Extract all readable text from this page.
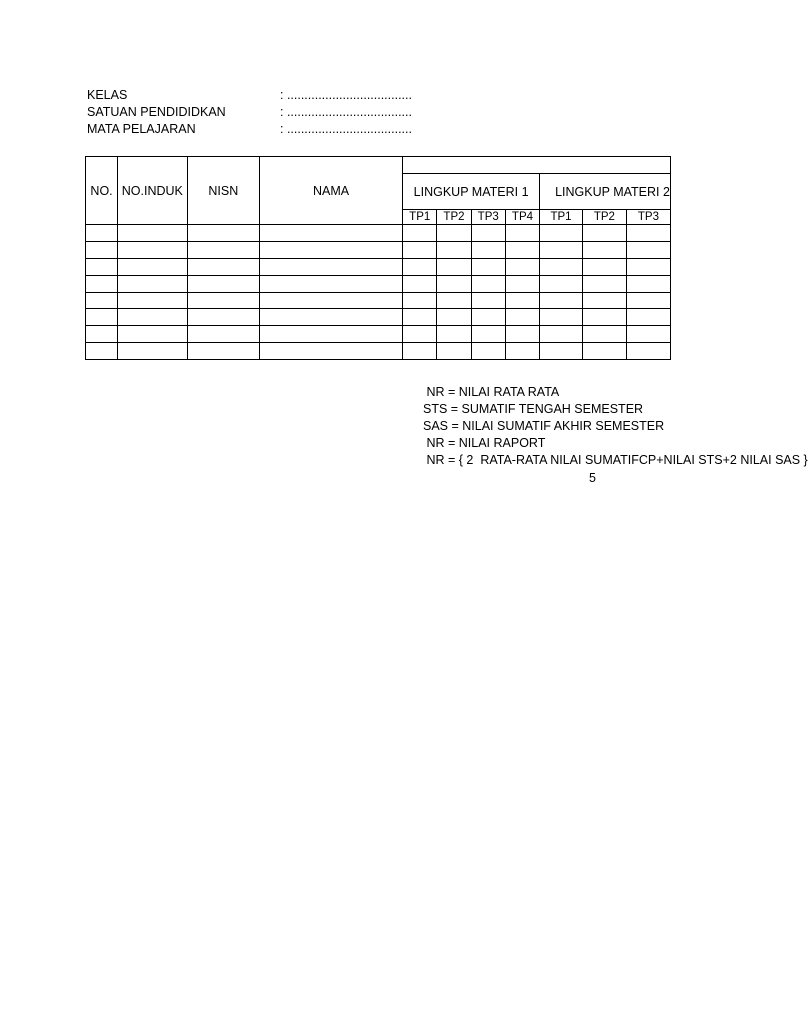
KELAS	: ....................................
SATUAN PENDIDIDKAN	: ....................................
MATA PELAJARAN	: ....................................
NO.	NO.INDUK	NISN	NAMA							
				LINGKUP MATERI 1				LINGKUP MATERI 2		
				TP1	TP2	TP3	TP4	TP1	TP2	TP3

NR = NILAI RATA RATA
STS = SUMATIF TENGAH SEMESTER
SAS = NILAI SUMATIF AKHIR SEMESTER
NR = NILAI RAPORT
NR = { 2  RATA-RATA NILAI SUMATIFCP+NILAI STS+2 NILAI SAS }
5
